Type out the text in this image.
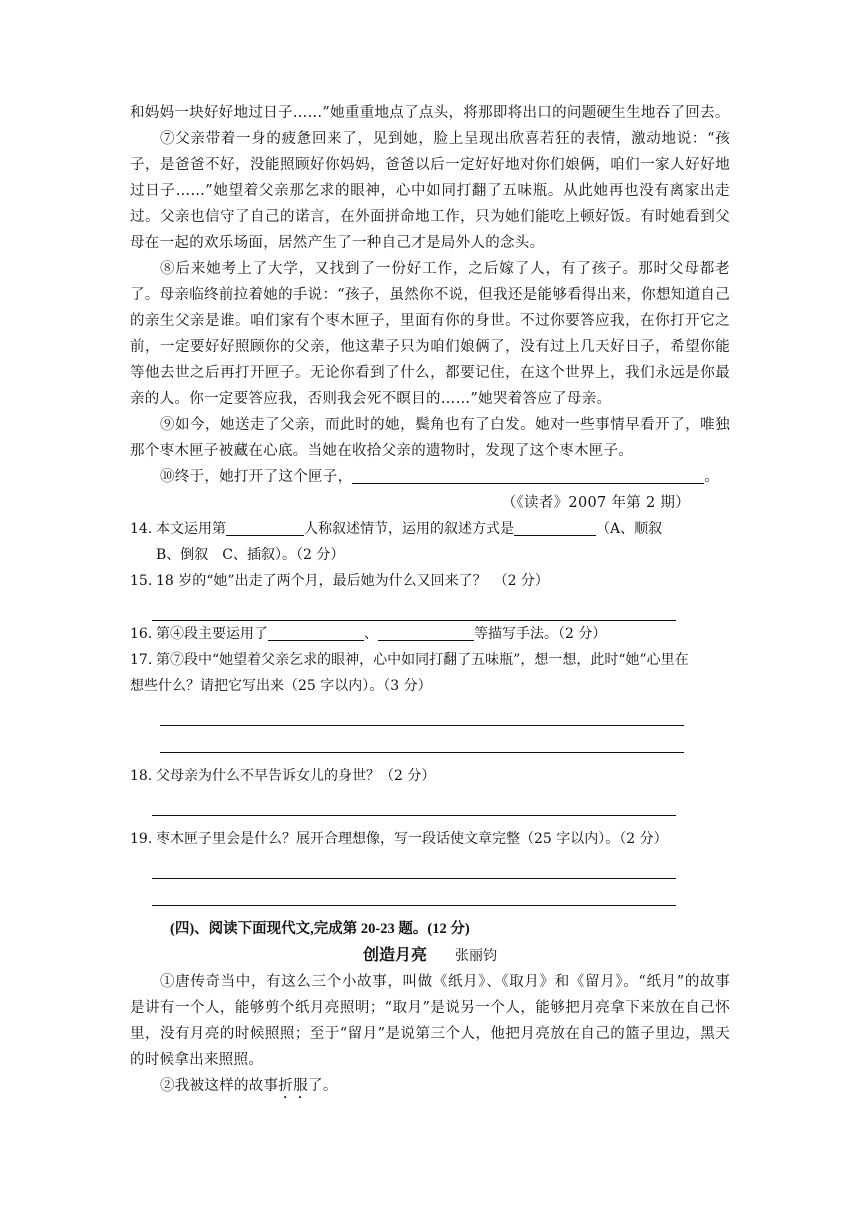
和妈妈一块好好地过日子……”她重重地点了点头，将那即将出口的问题硬生生地吞了回去。

⑦父亲带着一身的疲惫回来了，见到她，脸上呈现出欣喜若狂的表情，激动地说：“孩子，是爸爸不好，没能照顾好你妈妈，爸爸以后一定好好地对你们娘俩，咱们一家人好好地过日子……”她望着父亲那乞求的眼神，心中如同打翻了五味瓶。从此她再也没有离家出走过。父亲也信守了自己的诺言，在外面拼命地工作，只为她们能吃上顿好饭。有时她看到父母在一起的欢乐场面，居然产生了一种自己才是局外人的念头。

⑧后来她考上了大学，又找到了一份好工作，之后嫁了人，有了孩子。那时父母都老了。母亲临终前拉着她的手说：“孩子，虽然你不说，但我还是能够看得出来，你想知道自己的亲生父亲是谁。咱们家有个枣木匣子，里面有你的身世。不过你要答应我，在你打开它之前，一定要好好照顾你的父亲，他这辈子只为咱们娘俩了，没有过上几天好日子，希望你能等他去世之后再打开匣子。无论你看到了什么，都要记住，在这个世界上，我们永远是你最亲的人。你一定要答应我，否则我会死不瞑目的……”她哭着答应了母亲。

⑨如今，她送走了父亲，而此时的她，鬓角也有了白发。她对一些事情早看开了，唯独那个枣木匣子被藏在心底。当她在收拾父亲的遗物时，发现了这个枣木匣子。

⑩终于，她打开了这个匣子，	。

（《读者》2007 年第 2 期）

14. 本文运用第	人称叙述情节，运用的叙述方式是	（A、顺叙

B、倒叙　C、插叙）。（2 分）

15. 18 岁的“她”出走了两个月，最后她为什么又回来了？　（2 分）

16. 第④段主要运用了	、	等描写手法。（2 分）

17. 第⑦段中“她望着父亲乞求的眼神，心中如同打翻了五味瓶”，想一想，此时“她”心里在

想些什么？请把它写出来（25 字以内）。（3 分）

18. 父母亲为什么不早告诉女儿的身世？（2 分）

19. 枣木匣子里会是什么？展开合理想像，写一段话使文章完整（25 字以内）。（2 分）

(四)、阅读下面现代文,完成第 20-23 题。(12 分)

创造月亮 张丽钧

①唐传奇当中，有这么三个小故事，叫做《纸月》、《取月》和《留月》。“纸月”的故事是讲有一个人，能够剪个纸月亮照明；“取月”是说另一个人，能够把月亮拿下来放在自己怀里，没有月亮的时候照照；至于“留月”是说第三个人，他把月亮放在自己的篮子里边，黑天的时候拿出来照照。

②我被这样的故事折服了。
